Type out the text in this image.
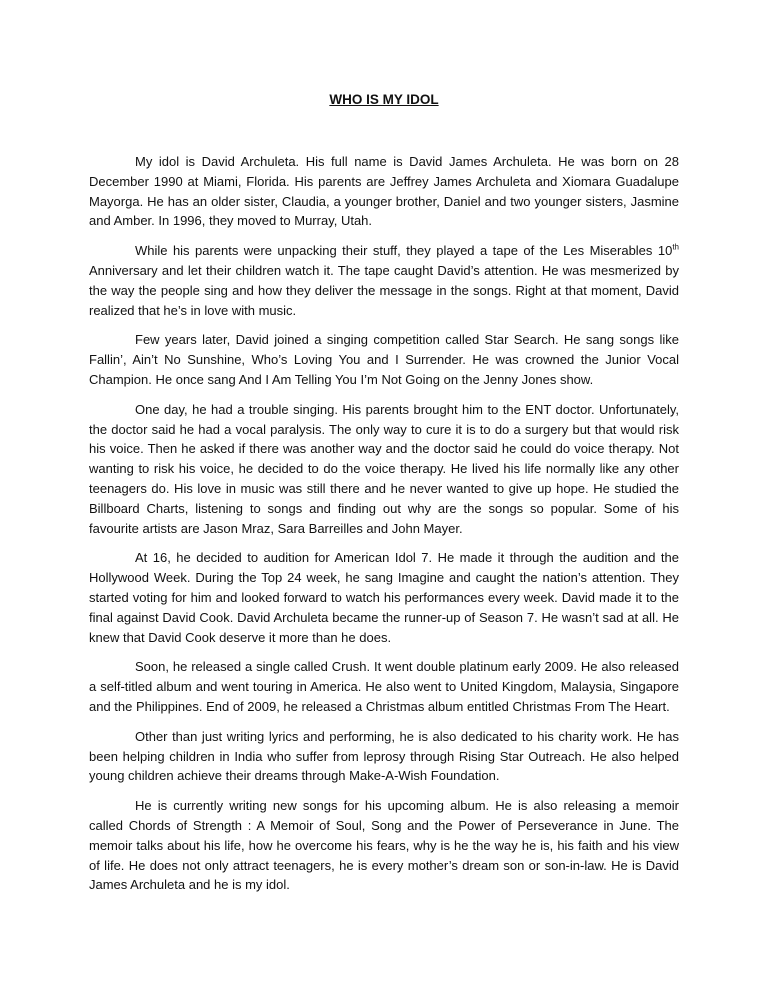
WHO IS MY IDOL

My idol is David Archuleta. His full name is David James Archuleta. He was born on 28 December 1990 at Miami, Florida. His parents are Jeffrey James Archuleta and Xiomara Guadalupe Mayorga. He has an older sister, Claudia, a younger brother, Daniel and two younger sisters, Jasmine and Amber. In 1996, they moved to Murray, Utah.

While his parents were unpacking their stuff, they played a tape of the Les Miserables 10th Anniversary and let their children watch it. The tape caught David’s attention. He was mesmerized by the way the people sing and how they deliver the message in the songs. Right at that moment, David realized that he’s in love with music.

Few years later, David joined a singing competition called Star Search. He sang songs like Fallin’, Ain’t No Sunshine, Who’s Loving You and I Surrender. He was crowned the Junior Vocal Champion. He once sang And I Am Telling You I’m Not Going on the Jenny Jones show.

One day, he had a trouble singing. His parents brought him to the ENT doctor. Unfortunately, the doctor said he had a vocal paralysis. The only way to cure it is to do a surgery but that would risk his voice. Then he asked if there was another way and the doctor said he could do voice therapy. Not wanting to risk his voice, he decided to do the voice therapy. He lived his life normally like any other teenagers do. His love in music was still there and he never wanted to give up hope. He studied the Billboard Charts, listening to songs and finding out why are the songs so popular. Some of his favourite artists are Jason Mraz, Sara Barreilles and John Mayer.

At 16, he decided to audition for American Idol 7. He made it through the audition and the Hollywood Week. During the Top 24 week, he sang Imagine and caught the nation’s attention. They started voting for him and looked forward to watch his performances every week. David made it to the final against David Cook. David Archuleta became the runner-up of Season 7. He wasn’t sad at all. He knew that David Cook deserve it more than he does.

Soon, he released a single called Crush. It went double platinum early 2009. He also released a self-titled album and went touring in America. He also went to United Kingdom, Malaysia, Singapore and the Philippines. End of 2009, he released a Christmas album entitled Christmas From The Heart.

Other than just writing lyrics and performing, he is also dedicated to his charity work. He has been helping children in India who suffer from leprosy through Rising Star Outreach. He also helped young children achieve their dreams through Make-A-Wish Foundation.

He is currently writing new songs for his upcoming album. He is also releasing a memoir called Chords of Strength : A Memoir of Soul, Song and the Power of Perseverance in June. The memoir talks about his life, how he overcome his fears, why is he the way he is, his faith and his view of life. He does not only attract teenagers, he is every mother’s dream son or son-in-law. He is David James Archuleta and he is my idol.
